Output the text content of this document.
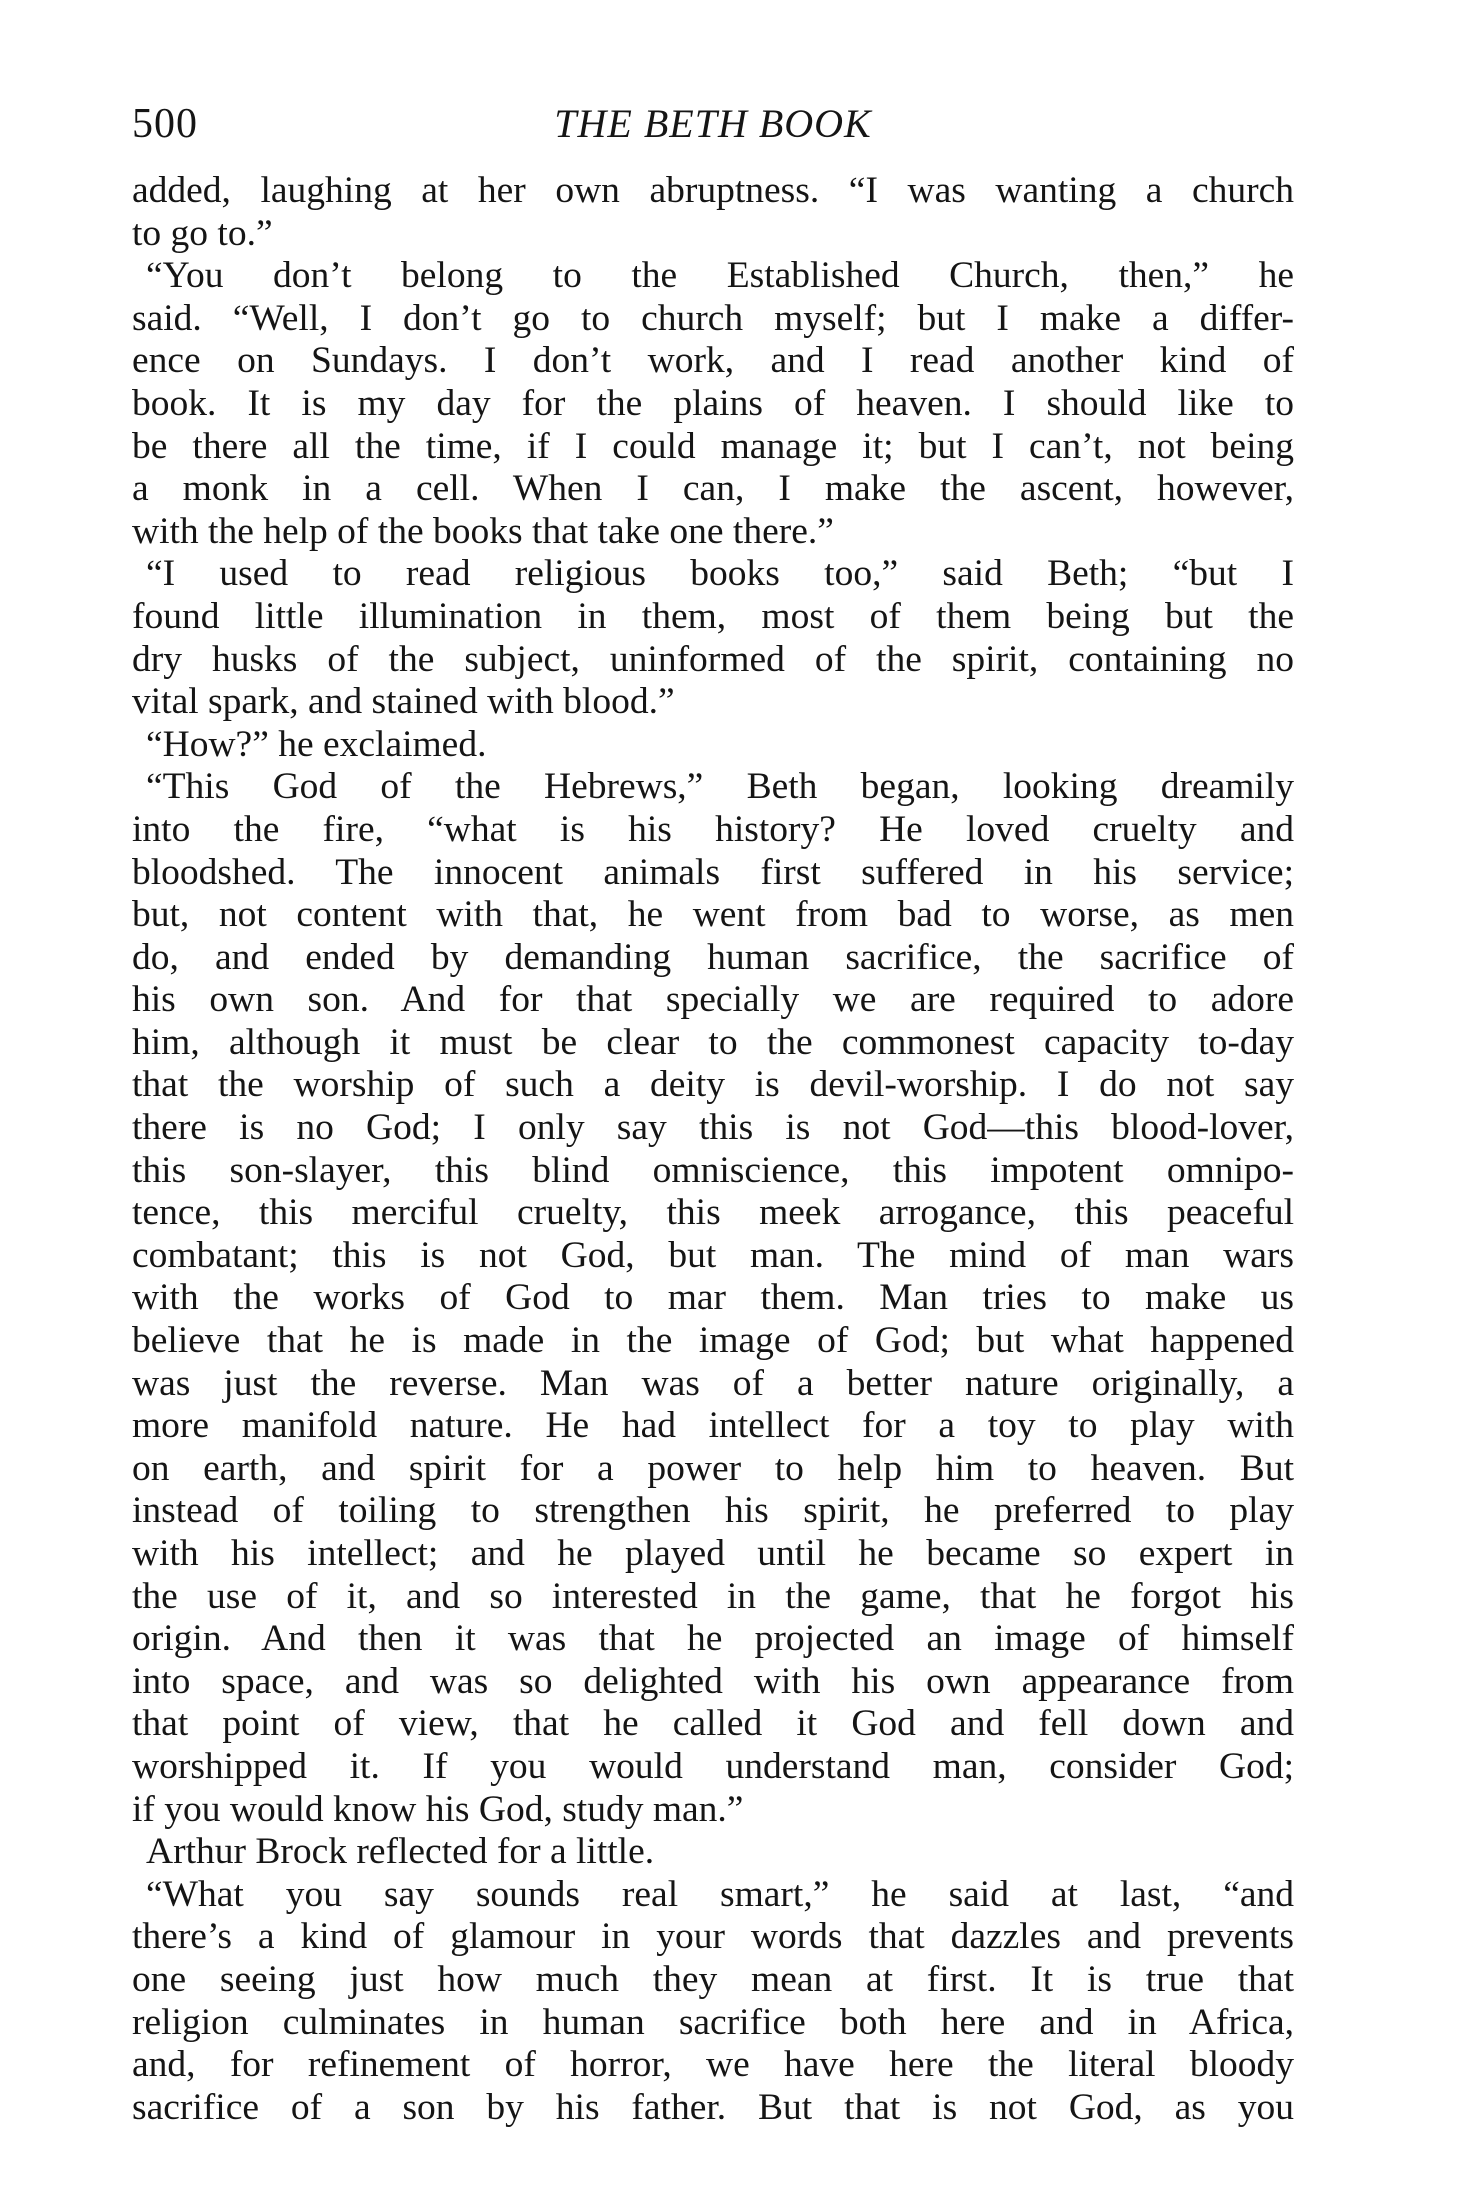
500	THE BETH BOOK
added, laughing at her own abruptness. “I was wanting a church
to go to.”
“You don’t belong to the Established Church, then,” he
said. “Well, I don’t go to church myself; but I make a differ-
ence on Sundays. I don’t work, and I read another kind of
book. It is my day for the plains of heaven. I should like to
be there all the time, if I could manage it; but I can’t, not being
a monk in a cell. When I can, I make the ascent, however,
with the help of the books that take one there.”
“I used to read religious books too,” said Beth; “but I
found little illumination in them, most of them being but the
dry husks of the subject, uninformed of the spirit, containing no
vital spark, and stained with blood.”
“How?” he exclaimed.
“This God of the Hebrews,” Beth began, looking dreamily
into the fire, “what is his history? He loved cruelty and
bloodshed. The innocent animals first suffered in his service;
but, not content with that, he went from bad to worse, as men
do, and ended by demanding human sacrifice, the sacrifice of
his own son. And for that specially we are required to adore
him, although it must be clear to the commonest capacity to-day
that the worship of such a deity is devil-worship. I do not say
there is no God; I only say this is not God—this blood-lover,
this son-slayer, this blind omniscience, this impotent omnipo-
tence, this merciful cruelty, this meek arrogance, this peaceful
combatant; this is not God, but man. The mind of man wars
with the works of God to mar them. Man tries to make us
believe that he is made in the image of God; but what happened
was just the reverse. Man was of a better nature originally, a
more manifold nature. He had intellect for a toy to play with
on earth, and spirit for a power to help him to heaven. But
instead of toiling to strengthen his spirit, he preferred to play
with his intellect; and he played until he became so expert in
the use of it, and so interested in the game, that he forgot his
origin. And then it was that he projected an image of himself
into space, and was so delighted with his own appearance from
that point of view, that he called it God and fell down and
worshipped it. If you would understand man, consider God;
if you would know his God, study man.”
Arthur Brock reflected for a little.
“What you say sounds real smart,” he said at last, “and
there’s a kind of glamour in your words that dazzles and prevents
one seeing just how much they mean at first. It is true that
religion culminates in human sacrifice both here and in Africa,
and, for refinement of horror, we have here the literal bloody
sacrifice of a son by his father. But that is not God, as you
